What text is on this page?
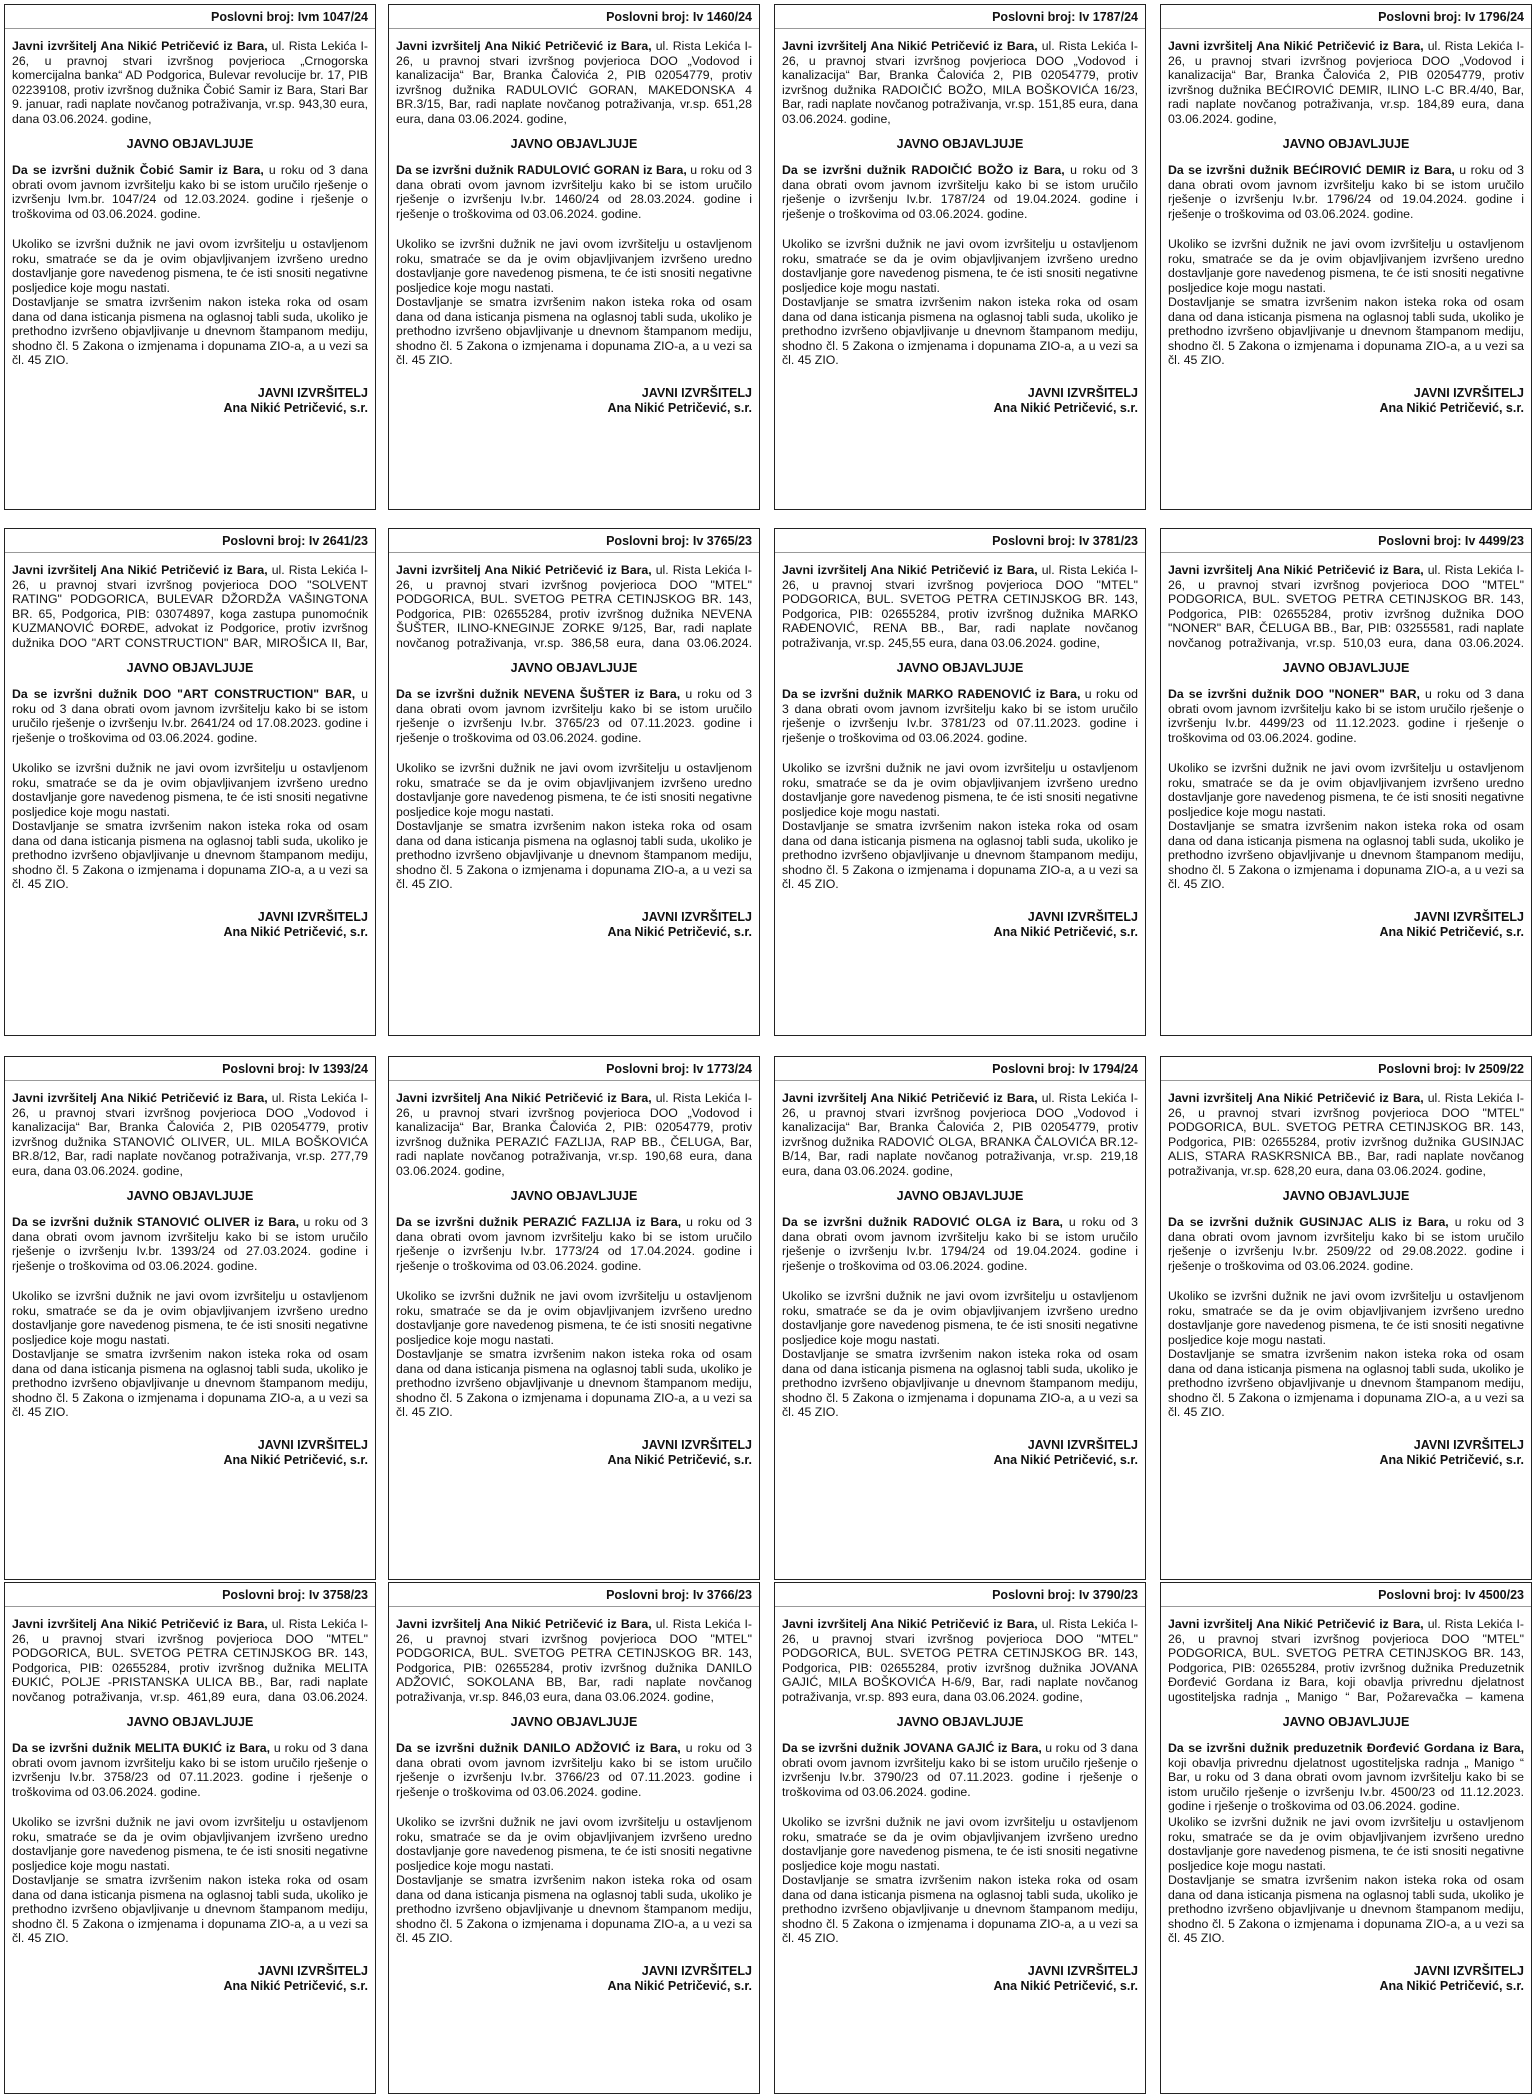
Poslovni broj: Ivm 1047/24

Javni izvršitelj Ana Nikić Petričević iz Bara, ul. Rista Lekića I-26, u pravnoj stvari izvršnog povjerioca „Crnogorska komercijalna banka“ AD Podgorica, Bulevar revolucije br. 17, PIB 02239108, protiv izvršnog dužnika Čobić Samir iz Bara, Stari Bar 9. januar, radi naplate novčanog potraživanja, vr.sp. 943,30 eura, dana 03.06.2024. godine,

JAVNO OBJAVLJUJE

Da se izvršni dužnik Čobić Samir iz Bara, u roku od 3 dana obrati ovom javnom izvršitelju kako bi se istom uručilo rješenje o izvršenju Ivm.br. 1047/24 od 12.03.2024. godine i rješenje o troškovima od 03.06.2024. godine.

Ukoliko se izvršni dužnik ne javi ovom izvršitelju u ostavljenom roku, smatraće se da je ovim objavljivanjem izvršeno uredno dostavljanje gore navedenog pismena, te će isti snositi negativne posljedice koje mogu nastati.

Dostavljanje se smatra izvršenim nakon isteka roka od osam dana od dana isticanja pismena na oglasnoj tabli suda, ukoliko je prethodno izvršeno objavljivanje u dnevnom štampanom mediju, shodno čl. 5 Zakona o izmjenama i dopunama ZIO-a, a u vezi sa čl. 45 ZIO.

JAVNI IZVRŠITELJ
Ana Nikić Petričević, s.r.
Poslovni broj: Iv 1460/24

Javni izvršitelj Ana Nikić Petričević iz Bara, ul. Rista Lekića I-26, u pravnoj stvari izvršnog povjerioca DOO „Vodovod i kanalizacija“ Bar, Branka Čalovića 2, PIB 02054779, protiv izvršnog dužnika RADULOVIĆ GORAN, MAKEDONSKA 4 BR.3/15, Bar, radi naplate novčanog potraživanja, vr.sp. 651,28 eura, dana 03.06.2024. godine,

JAVNO OBJAVLJUJE

Da se izvršni dužnik RADULOVIĆ GORAN iz Bara, u roku od 3 dana obrati ovom javnom izvršitelju kako bi se istom uručilo rješenje o izvršenju Iv.br. 1460/24 od 28.03.2024. godine i rješenje o troškovima od 03.06.2024. godine.

Ukoliko se izvršni dužnik ne javi ovom izvršitelju u ostavljenom roku, smatraće se da je ovim objavljivanjem izvršeno uredno dostavljanje gore navedenog pismena, te će isti snositi negativne posljedice koje mogu nastati.

Dostavljanje se smatra izvršenim nakon isteka roka od osam dana od dana isticanja pismena na oglasnoj tabli suda, ukoliko je prethodno izvršeno objavljivanje u dnevnom štampanom mediju, shodno čl. 5 Zakona o izmjenama i dopunama ZIO-a, a u vezi sa čl. 45 ZIO.

JAVNI IZVRŠITELJ
Ana Nikić Petričević, s.r.
Poslovni broj: Iv 1787/24

Javni izvršitelj Ana Nikić Petričević iz Bara, ul. Rista Lekića I-26, u pravnoj stvari izvršnog povjerioca DOO „Vodovod i kanalizacija“ Bar, Branka Čalovića 2, PIB 02054779, protiv izvršnog dužnika RADOIČIĆ BOŽO, MILA BOŠKOVIĆA 16/23, Bar, radi naplate novčanog potraživanja, vr.sp. 151,85 eura, dana 03.06.2024. godine,

JAVNO OBJAVLJUJE

Da se izvršni dužnik RADOIČIĆ BOŽO iz Bara, u roku od 3 dana obrati ovom javnom izvršitelju kako bi se istom uručilo rješenje o izvršenju Iv.br. 1787/24 od 19.04.2024. godine i rješenje o troškovima od 03.06.2024. godine.

Ukoliko se izvršni dužnik ne javi ovom izvršitelju u ostavljenom roku, smatraće se da je ovim objavljivanjem izvršeno uredno dostavljanje gore navedenog pismena, te će isti snositi negativne posljedice koje mogu nastati.

Dostavljanje se smatra izvršenim nakon isteka roka od osam dana od dana isticanja pismena na oglasnoj tabli suda, ukoliko je prethodno izvršeno objavljivanje u dnevnom štampanom mediju, shodno čl. 5 Zakona o izmjenama i dopunama ZIO-a, a u vezi sa čl. 45 ZIO.

JAVNI IZVRŠITELJ
Ana Nikić Petričević, s.r.
Poslovni broj: Iv 1796/24

Javni izvršitelj Ana Nikić Petričević iz Bara, ul. Rista Lekića I-26, u pravnoj stvari izvršnog povjerioca DOO „Vodovod i kanalizacija“ Bar, Branka Čalovića 2, PIB 02054779, protiv izvršnog dužnika BEĆIROVIĆ DEMIR, ILINO L-C BR.4/40, Bar, radi naplate novčanog potraživanja, vr.sp. 184,89 eura, dana 03.06.2024. godine,

JAVNO OBJAVLJUJE

Da se izvršni dužnik BEĆIROVIĆ DEMIR iz Bara, u roku od 3 dana obrati ovom javnom izvršitelju kako bi se istom uručilo rješenje o izvršenju Iv.br. 1796/24 od 19.04.2024. godine i rješenje o troškovima od 03.06.2024. godine.

Ukoliko se izvršni dužnik ne javi ovom izvršitelju u ostavljenom roku, smatraće se da je ovim objavljivanjem izvršeno uredno dostavljanje gore navedenog pismena, te će isti snositi negativne posljedice koje mogu nastati.

Dostavljanje se smatra izvršenim nakon isteka roka od osam dana od dana isticanja pismena na oglasnoj tabli suda, ukoliko je prethodno izvršeno objavljivanje u dnevnom štampanom mediju, shodno čl. 5 Zakona o izmjenama i dopunama ZIO-a, a u vezi sa čl. 45 ZIO.

JAVNI IZVRŠITELJ
Ana Nikić Petričević, s.r.
Poslovni broj: Iv 2641/23

Javni izvršitelj Ana Nikić Petričević iz Bara, ul. Rista Lekića I-26, u pravnoj stvari izvršnog povjerioca DOO "SOLVENT RATING" PODGORICA, BULEVAR DŽORDŽA VAŠINGTONA BR. 65, Podgorica, PIB: 03074897, koga zastupa punomoćnik KUZMANOVIĆ ĐORĐE, advokat iz Podgorice, protiv izvršnog dužnika DOO "ART CONSTRUCTION" BAR, MIROŠICA II, Bar,

JAVNO OBJAVLJUJE

Da se izvršni dužnik DOO "ART CONSTRUCTION" BAR, u roku od 3 dana obrati ovom javnom izvršitelju kako bi se istom uručilo rješenje o izvršenju Iv.br. 2641/24 od 17.08.2023. godine i rješenje o troškovima od 03.06.2024. godine.

Ukoliko se izvršni dužnik ne javi ovom izvršitelju u ostavljenom roku, smatraće se da je ovim objavljivanjem izvršeno uredno dostavljanje gore navedenog pismena, te će isti snositi negativne posljedice koje mogu nastati.

Dostavljanje se smatra izvršenim nakon isteka roka od osam dana od dana isticanja pismena na oglasnoj tabli suda, ukoliko je prethodno izvršeno objavljivanje u dnevnom štampanom mediju, shodno čl. 5 Zakona o izmjenama i dopunama ZIO-a, a u vezi sa čl. 45 ZIO.

JAVNI IZVRŠITELJ
Ana Nikić Petričević, s.r.
Poslovni broj: Iv 3765/23

Javni izvršitelj Ana Nikić Petričević iz Bara, ul. Rista Lekića I-26, u pravnoj stvari izvršnog povjerioca DOO "MTEL" PODGORICA, BUL. SVETOG PETRA CETINJSKOG BR. 143, Podgorica, PIB: 02655284, protiv izvršnog dužnika NEVENA ŠUŠTER, ILINO-KNEGINJE ZORKE 9/125, Bar, radi naplate novčanog potraživanja, vr.sp. 386,58 eura, dana 03.06.2024.

JAVNO OBJAVLJUJE

Da se izvršni dužnik NEVENA ŠUŠTER iz Bara, u roku od 3 dana obrati ovom javnom izvršitelju kako bi se istom uručilo rješenje o izvršenju Iv.br. 3765/23 od 07.11.2023. godine i rješenje o troškovima od 03.06.2024. godine.

Ukoliko se izvršni dužnik ne javi ovom izvršitelju u ostavljenom roku, smatraće se da je ovim objavljivanjem izvršeno uredno dostavljanje gore navedenog pismena, te će isti snositi negativne posljedice koje mogu nastati.

Dostavljanje se smatra izvršenim nakon isteka roka od osam dana od dana isticanja pismena na oglasnoj tabli suda, ukoliko je prethodno izvršeno objavljivanje u dnevnom štampanom mediju, shodno čl. 5 Zakona o izmjenama i dopunama ZIO-a, a u vezi sa čl. 45 ZIO.

JAVNI IZVRŠITELJ
Ana Nikić Petričević, s.r.
Poslovni broj: Iv 3781/23

Javni izvršitelj Ana Nikić Petričević iz Bara, ul. Rista Lekića I-26, u pravnoj stvari izvršnog povjerioca DOO "MTEL" PODGORICA, BUL. SVETOG PETRA CETINJSKOG BR. 143, Podgorica, PIB: 02655284, protiv izvršnog dužnika MARKO RAĐENOVIĆ, RENA BB., Bar, radi naplate novčanog potraživanja, vr.sp. 245,55 eura, dana 03.06.2024. godine,

JAVNO OBJAVLJUJE

Da se izvršni dužnik MARKO RAĐENOVIĆ iz Bara, u roku od 3 dana obrati ovom javnom izvršitelju kako bi se istom uručilo rješenje o izvršenju Iv.br. 3781/23 od 07.11.2023. godine i rješenje o troškovima od 03.06.2024. godine.

Ukoliko se izvršni dužnik ne javi ovom izvršitelju u ostavljenom roku, smatraće se da je ovim objavljivanjem izvršeno uredno dostavljanje gore navedenog pismena, te će isti snositi negativne posljedice koje mogu nastati.

Dostavljanje se smatra izvršenim nakon isteka roka od osam dana od dana isticanja pismena na oglasnoj tabli suda, ukoliko je prethodno izvršeno objavljivanje u dnevnom štampanom mediju, shodno čl. 5 Zakona o izmjenama i dopunama ZIO-a, a u vezi sa čl. 45 ZIO.

JAVNI IZVRŠITELJ
Ana Nikić Petričević, s.r.
Poslovni broj: Iv 4499/23

Javni izvršitelj Ana Nikić Petričević iz Bara, ul. Rista Lekića I-26, u pravnoj stvari izvršnog povjerioca DOO "MTEL" PODGORICA, BUL. SVETOG PETRA CETINJSKOG BR. 143, Podgorica, PIB: 02655284, protiv izvršnog dužnika DOO "NONER" BAR, ČELUGA BB., Bar, PIB: 03255581, radi naplate novčanog potraživanja, vr.sp. 510,03 eura, dana 03.06.2024.

JAVNO OBJAVLJUJE

Da se izvršni dužnik DOO "NONER" BAR, u roku od 3 dana obrati ovom javnom izvršitelju kako bi se istom uručilo rješenje o izvršenju Iv.br. 4499/23 od 11.12.2023. godine i rješenje o troškovima od 03.06.2024. godine.

Ukoliko se izvršni dužnik ne javi ovom izvršitelju u ostavljenom roku, smatraće se da je ovim objavljivanjem izvršeno uredno dostavljanje gore navedenog pismena, te će isti snositi negativne posljedice koje mogu nastati.

Dostavljanje se smatra izvršenim nakon isteka roka od osam dana od dana isticanja pismena na oglasnoj tabli suda, ukoliko je prethodno izvršeno objavljivanje u dnevnom štampanom mediju, shodno čl. 5 Zakona o izmjenama i dopunama ZIO-a, a u vezi sa čl. 45 ZIO.

JAVNI IZVRŠITELJ
Ana Nikić Petričević, s.r.
Poslovni broj: Iv 1393/24

Javni izvršitelj Ana Nikić Petričević iz Bara, ul. Rista Lekića I-26, u pravnoj stvari izvršnog povjerioca DOO „Vodovod i kanalizacija“ Bar, Branka Čalovića 2, PIB 02054779, protiv izvršnog dužnika STANOVIĆ OLIVER, UL. MILA BOŠKOVIĆA BR.8/12, Bar, radi naplate novčanog potraživanja, vr.sp. 277,79 eura, dana 03.06.2024. godine,

JAVNO OBJAVLJUJE

Da se izvršni dužnik STANOVIĆ OLIVER iz Bara, u roku od 3 dana obrati ovom javnom izvršitelju kako bi se istom uručilo rješenje o izvršenju Iv.br. 1393/24 od 27.03.2024. godine i rješenje o troškovima od 03.06.2024. godine.

Ukoliko se izvršni dužnik ne javi ovom izvršitelju u ostavljenom roku, smatraće se da je ovim objavljivanjem izvršeno uredno dostavljanje gore navedenog pismena, te će isti snositi negativne posljedice koje mogu nastati.

Dostavljanje se smatra izvršenim nakon isteka roka od osam dana od dana isticanja pismena na oglasnoj tabli suda, ukoliko je prethodno izvršeno objavljivanje u dnevnom štampanom mediju, shodno čl. 5 Zakona o izmjenama i dopunama ZIO-a, a u vezi sa čl. 45 ZIO.

JAVNI IZVRŠITELJ
Ana Nikić Petričević, s.r.
Poslovni broj: Iv 1773/24

Javni izvršitelj Ana Nikić Petričević iz Bara, ul. Rista Lekića I-26, u pravnoj stvari izvršnog povjerioca DOO „Vodovod i kanalizacija“ Bar, Branka Čalovića 2, PIB: 02054779, protiv izvršnog dužnika PERAZIĆ FAZLIJA, RAP BB., ČELUGA, Bar, radi naplate novčanog potraživanja, vr.sp. 190,68 eura, dana 03.06.2024. godine,

JAVNO OBJAVLJUJE

Da se izvršni dužnik PERAZIĆ FAZLIJA iz Bara, u roku od 3 dana obrati ovom javnom izvršitelju kako bi se istom uručilo rješenje o izvršenju Iv.br. 1773/24 od 17.04.2024. godine i rješenje o troškovima od 03.06.2024. godine.

Ukoliko se izvršni dužnik ne javi ovom izvršitelju u ostavljenom roku, smatraće se da je ovim objavljivanjem izvršeno uredno dostavljanje gore navedenog pismena, te će isti snositi negativne posljedice koje mogu nastati.

Dostavljanje se smatra izvršenim nakon isteka roka od osam dana od dana isticanja pismena na oglasnoj tabli suda, ukoliko je prethodno izvršeno objavljivanje u dnevnom štampanom mediju, shodno čl. 5 Zakona o izmjenama i dopunama ZIO-a, a u vezi sa čl. 45 ZIO.

JAVNI IZVRŠITELJ
Ana Nikić Petričević, s.r.
Poslovni broj: Iv 1794/24

Javni izvršitelj Ana Nikić Petričević iz Bara, ul. Rista Lekića I-26, u pravnoj stvari izvršnog povjerioca DOO „Vodovod i kanalizacija“ Bar, Branka Čalovića 2, PIB 02054779, protiv izvršnog dužnika RADOVIĆ OLGA, BRANKA ČALOVIĆA BR.12-B/14, Bar, radi naplate novčanog potraživanja, vr.sp. 219,18 eura, dana 03.06.2024. godine,

JAVNO OBJAVLJUJE

Da se izvršni dužnik RADOVIĆ OLGA iz Bara, u roku od 3 dana obrati ovom javnom izvršitelju kako bi se istom uručilo rješenje o izvršenju Iv.br. 1794/24 od 19.04.2024. godine i rješenje o troškovima od 03.06.2024. godine.

Ukoliko se izvršni dužnik ne javi ovom izvršitelju u ostavljenom roku, smatraće se da je ovim objavljivanjem izvršeno uredno dostavljanje gore navedenog pismena, te će isti snositi negativne posljedice koje mogu nastati.

Dostavljanje se smatra izvršenim nakon isteka roka od osam dana od dana isticanja pismena na oglasnoj tabli suda, ukoliko je prethodno izvršeno objavljivanje u dnevnom štampanom mediju, shodno čl. 5 Zakona o izmjenama i dopunama ZIO-a, a u vezi sa čl. 45 ZIO.

JAVNI IZVRŠITELJ
Ana Nikić Petričević, s.r.
Poslovni broj: Iv 2509/22

Javni izvršitelj Ana Nikić Petričević iz Bara, ul. Rista Lekića I-26, u pravnoj stvari izvršnog povjerioca DOO "MTEL" PODGORICA, BUL. SVETOG PETRA CETINJSKOG BR. 143, Podgorica, PIB: 02655284, protiv izvršnog dužnika GUSINJAC ALIS, STARA RASKRSNICA BB., Bar, radi naplate novčanog potraživanja, vr.sp. 628,20 eura, dana 03.06.2024. godine,

JAVNO OBJAVLJUJE

Da se izvršni dužnik GUSINJAC ALIS iz Bara, u roku od 3 dana obrati ovom javnom izvršitelju kako bi se istom uručilo rješenje o izvršenju Iv.br. 2509/22 od 29.08.2022. godine i rješenje o troškovima od 03.06.2024. godine.

Ukoliko se izvršni dužnik ne javi ovom izvršitelju u ostavljenom roku, smatraće se da je ovim objavljivanjem izvršeno uredno dostavljanje gore navedenog pismena, te će isti snositi negativne posljedice koje mogu nastati.

Dostavljanje se smatra izvršenim nakon isteka roka od osam dana od dana isticanja pismena na oglasnoj tabli suda, ukoliko je prethodno izvršeno objavljivanje u dnevnom štampanom mediju, shodno čl. 5 Zakona o izmjenama i dopunama ZIO-a, a u vezi sa čl. 45 ZIO.

JAVNI IZVRŠITELJ
Ana Nikić Petričević, s.r.
Poslovni broj: Iv 3758/23

Javni izvršitelj Ana Nikić Petričević iz Bara, ul. Rista Lekića I-26, u pravnoj stvari izvršnog povjerioca DOO "MTEL" PODGORICA, BUL. SVETOG PETRA CETINJSKOG BR. 143, Podgorica, PIB: 02655284, protiv izvršnog dužnika MELITA ĐUKIĆ, POLJE -PRISTANSKA ULICA BB., Bar, radi naplate novčanog potraživanja, vr.sp. 461,89 eura, dana 03.06.2024.

JAVNO OBJAVLJUJE

Da se izvršni dužnik MELITA ĐUKIĆ iz Bara, u roku od 3 dana obrati ovom javnom izvršitelju kako bi se istom uručilo rješenje o izvršenju Iv.br. 3758/23 od 07.11.2023. godine i rješenje o troškovima od 03.06.2024. godine.

Ukoliko se izvršni dužnik ne javi ovom izvršitelju u ostavljenom roku, smatraće se da je ovim objavljivanjem izvršeno uredno dostavljanje gore navedenog pismena, te će isti snositi negativne posljedice koje mogu nastati.

Dostavljanje se smatra izvršenim nakon isteka roka od osam dana od dana isticanja pismena na oglasnoj tabli suda, ukoliko je prethodno izvršeno objavljivanje u dnevnom štampanom mediju, shodno čl. 5 Zakona o izmjenama i dopunama ZIO-a, a u vezi sa čl. 45 ZIO.

JAVNI IZVRŠITELJ
Ana Nikić Petričević, s.r.
Poslovni broj: Iv 3766/23

Javni izvršitelj Ana Nikić Petričević iz Bara, ul. Rista Lekića I-26, u pravnoj stvari izvršnog povjerioca DOO "MTEL" PODGORICA, BUL. SVETOG PETRA CETINJSKOG BR. 143, Podgorica, PIB: 02655284, protiv izvršnog dužnika DANILO ADŽOVIĆ, SOKOLANA BB, Bar, radi naplate novčanog potraživanja, vr.sp. 846,03 eura, dana 03.06.2024. godine,

JAVNO OBJAVLJUJE

Da se izvršni dužnik DANILO ADŽOVIĆ iz Bara, u roku od 3 dana obrati ovom javnom izvršitelju kako bi se istom uručilo rješenje o izvršenju Iv.br. 3766/23 od 07.11.2023. godine i rješenje o troškovima od 03.06.2024. godine.

Ukoliko se izvršni dužnik ne javi ovom izvršitelju u ostavljenom roku, smatraće se da je ovim objavljivanjem izvršeno uredno dostavljanje gore navedenog pismena, te će isti snositi negativne posljedice koje mogu nastati.

Dostavljanje se smatra izvršenim nakon isteka roka od osam dana od dana isticanja pismena na oglasnoj tabli suda, ukoliko je prethodno izvršeno objavljivanje u dnevnom štampanom mediju, shodno čl. 5 Zakona o izmjenama i dopunama ZIO-a, a u vezi sa čl. 45 ZIO.

JAVNI IZVRŠITELJ
Ana Nikić Petričević, s.r.
Poslovni broj: Iv 3790/23

Javni izvršitelj Ana Nikić Petričević iz Bara, ul. Rista Lekića I-26, u pravnoj stvari izvršnog povjerioca DOO "MTEL" PODGORICA, BUL. SVETOG PETRA CETINJSKOG BR. 143, Podgorica, PIB: 02655284, protiv izvršnog dužnika JOVANA GAJIĆ, MILA BOŠKOVIĆA H-6/9, Bar, radi naplate novčanog potraživanja, vr.sp. 893 eura, dana 03.06.2024. godine,

JAVNO OBJAVLJUJE

Da se izvršni dužnik JOVANA GAJIĆ iz Bara, u roku od 3 dana obrati ovom javnom izvršitelju kako bi se istom uručilo rješenje o izvršenju Iv.br. 3790/23 od 07.11.2023. godine i rješenje o troškovima od 03.06.2024. godine.

Ukoliko se izvršni dužnik ne javi ovom izvršitelju u ostavljenom roku, smatraće se da je ovim objavljivanjem izvršeno uredno dostavljanje gore navedenog pismena, te će isti snositi negativne posljedice koje mogu nastati.

Dostavljanje se smatra izvršenim nakon isteka roka od osam dana od dana isticanja pismena na oglasnoj tabli suda, ukoliko je prethodno izvršeno objavljivanje u dnevnom štampanom mediju, shodno čl. 5 Zakona o izmjenama i dopunama ZIO-a, a u vezi sa čl. 45 ZIO.

JAVNI IZVRŠITELJ
Ana Nikić Petričević, s.r.
Poslovni broj: Iv 4500/23

Javni izvršitelj Ana Nikić Petričević iz Bara, ul. Rista Lekića I-26, u pravnoj stvari izvršnog povjerioca DOO "MTEL" PODGORICA, BUL. SVETOG PETRA CETINJSKOG BR. 143, Podgorica, PIB: 02655284, protiv izvršnog dužnika Preduzetnik Đorđević Gordana iz Bara, koji obavlja privrednu djelatnost ugostiteljska radnja „ Manigo “ Bar, Požarevačka – kamena

JAVNO OBJAVLJUJE

Da se izvršni dužnik preduzetnik Đorđević Gordana iz Bara, koji obavlja privrednu djelatnost ugostiteljska radnja „ Manigo “ Bar, u roku od 3 dana obrati ovom javnom izvršitelju kako bi se istom uručilo rješenje o izvršenju Iv.br. 4500/23 od 11.12.2023. godine i rješenje o troškovima od 03.06.2024. godine.

Ukoliko se izvršni dužnik ne javi ovom izvršitelju u ostavljenom roku, smatraće se da je ovim objavljivanjem izvršeno uredno dostavljanje gore navedenog pismena, te će isti snositi negativne posljedice koje mogu nastati.

Dostavljanje se smatra izvršenim nakon isteka roka od osam dana od dana isticanja pismena na oglasnoj tabli suda, ukoliko je prethodno izvršeno objavljivanje u dnevnom štampanom mediju, shodno čl. 5 Zakona o izmjenama i dopunama ZIO-a, a u vezi sa čl. 45 ZIO.

JAVNI IZVRŠITELJ
Ana Nikić Petričević, s.r.
